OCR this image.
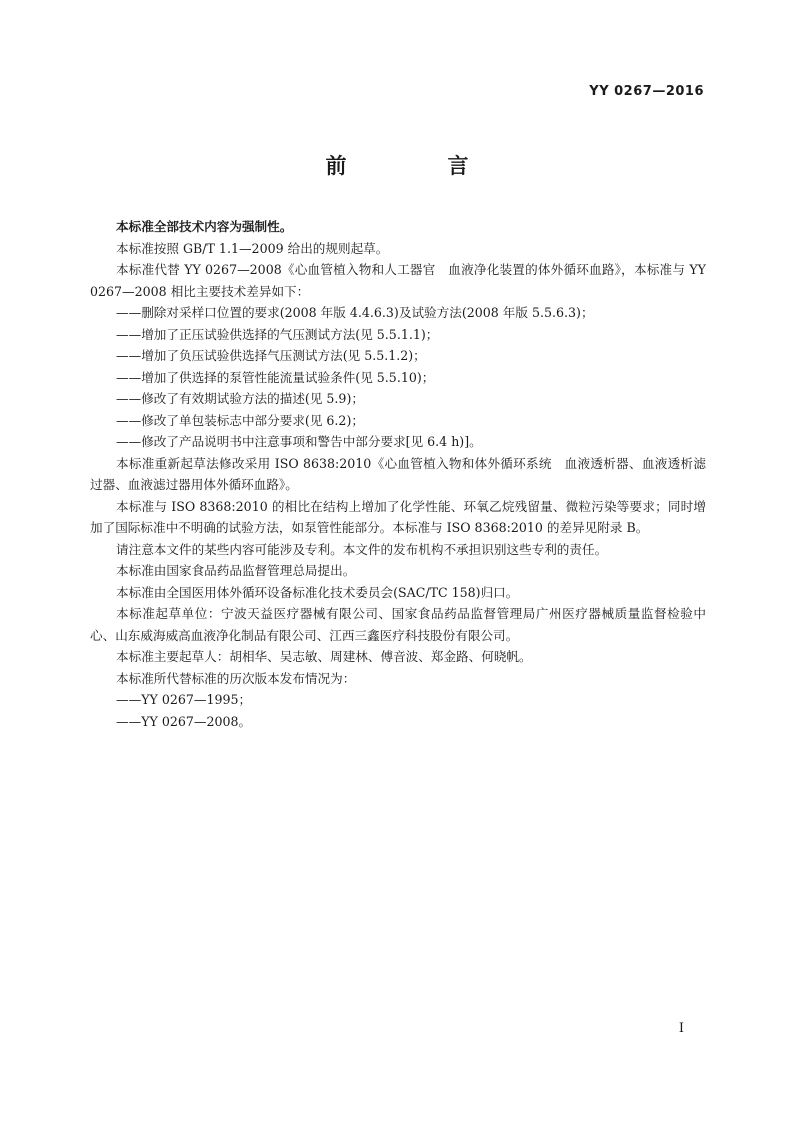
YY 0267—2016
前　言

本标准全部技术内容为强制性。

本标准按照 GB/T 1.1—2009 给出的规则起草。

本标准代替 YY 0267—2008《心血管植入物和人工器官　血液净化装置的体外循环血路》，本标准与 YY 0267—2008 相比主要技术差异如下：

——删除对采样口位置的要求(2008 年版 4.4.6.3)及试验方法(2008 年版 5.5.6.3)；

——增加了正压试验供选择的气压测试方法(见 5.5.1.1)；

——增加了负压试验供选择气压测试方法(见 5.5.1.2)；

——增加了供选择的泵管性能流量试验条件(见 5.5.10)；

——修改了有效期试验方法的描述(见 5.9)；

——修改了单包装标志中部分要求(见 6.2)；

——修改了产品说明书中注意事项和警告中部分要求[见 6.4 h)]。

本标准重新起草法修改采用 ISO 8638:2010《心血管植入物和体外循环系统　血液透析器、血液透析滤过器、血液滤过器用体外循环血路》。

本标准与 ISO 8368:2010 的相比在结构上增加了化学性能、环氧乙烷残留量、微粒污染等要求；同时增加了国际标准中不明确的试验方法，如泵管性能部分。本标准与 ISO 8368:2010 的差异见附录 B。

请注意本文件的某些内容可能涉及专利。本文件的发布机构不承担识别这些专利的责任。

本标准由国家食品药品监督管理总局提出。

本标准由全国医用体外循环设备标准化技术委员会(SAC/TC 158)归口。

本标准起草单位：宁波天益医疗器械有限公司、国家食品药品监督管理局广州医疗器械质量监督检验中心、山东威海威高血液净化制品有限公司、江西三鑫医疗科技股份有限公司。

本标准主要起草人：胡相华、吴志敏、周建林、傅音波、郑金路、何晓帆。

本标准所代替标准的历次版本发布情况为：

——YY 0267—1995；

——YY 0267—2008。

I
